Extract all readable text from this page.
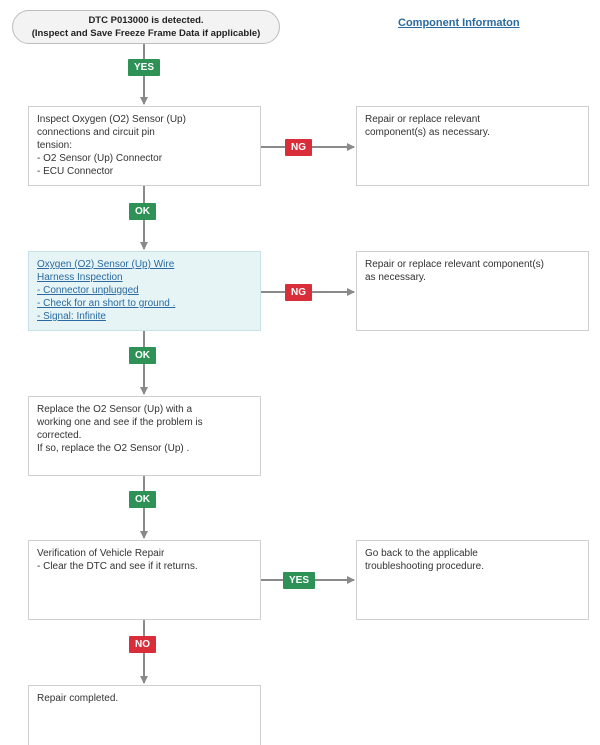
DTC P013000 is detected.
(Inspect and Save Freeze Frame Data if applicable)
Component Informaton
Inspect Oxygen (O2) Sensor (Up)
connections and circuit pin
tension:
- O2 Sensor (Up) Connector
- ECU Connector
Oxygen (O2) Sensor (Up) Wire
Harness Inspection
- Connector unplugged
- Check for an short to ground .
- Signal: Infinite
Replace the O2 Sensor (Up) with a
working one and see if the problem is
corrected.
If so, replace the O2 Sensor (Up) .
Verification of Vehicle Repair
- Clear the DTC and see if it returns.
Repair completed.
Repair or replace relevant
component(s) as necessary.
Repair or replace relevant component(s)
as necessary.
Go back to the applicable
troubleshooting procedure.
YES
OK
OK
OK
NO
NG
NG
YES
